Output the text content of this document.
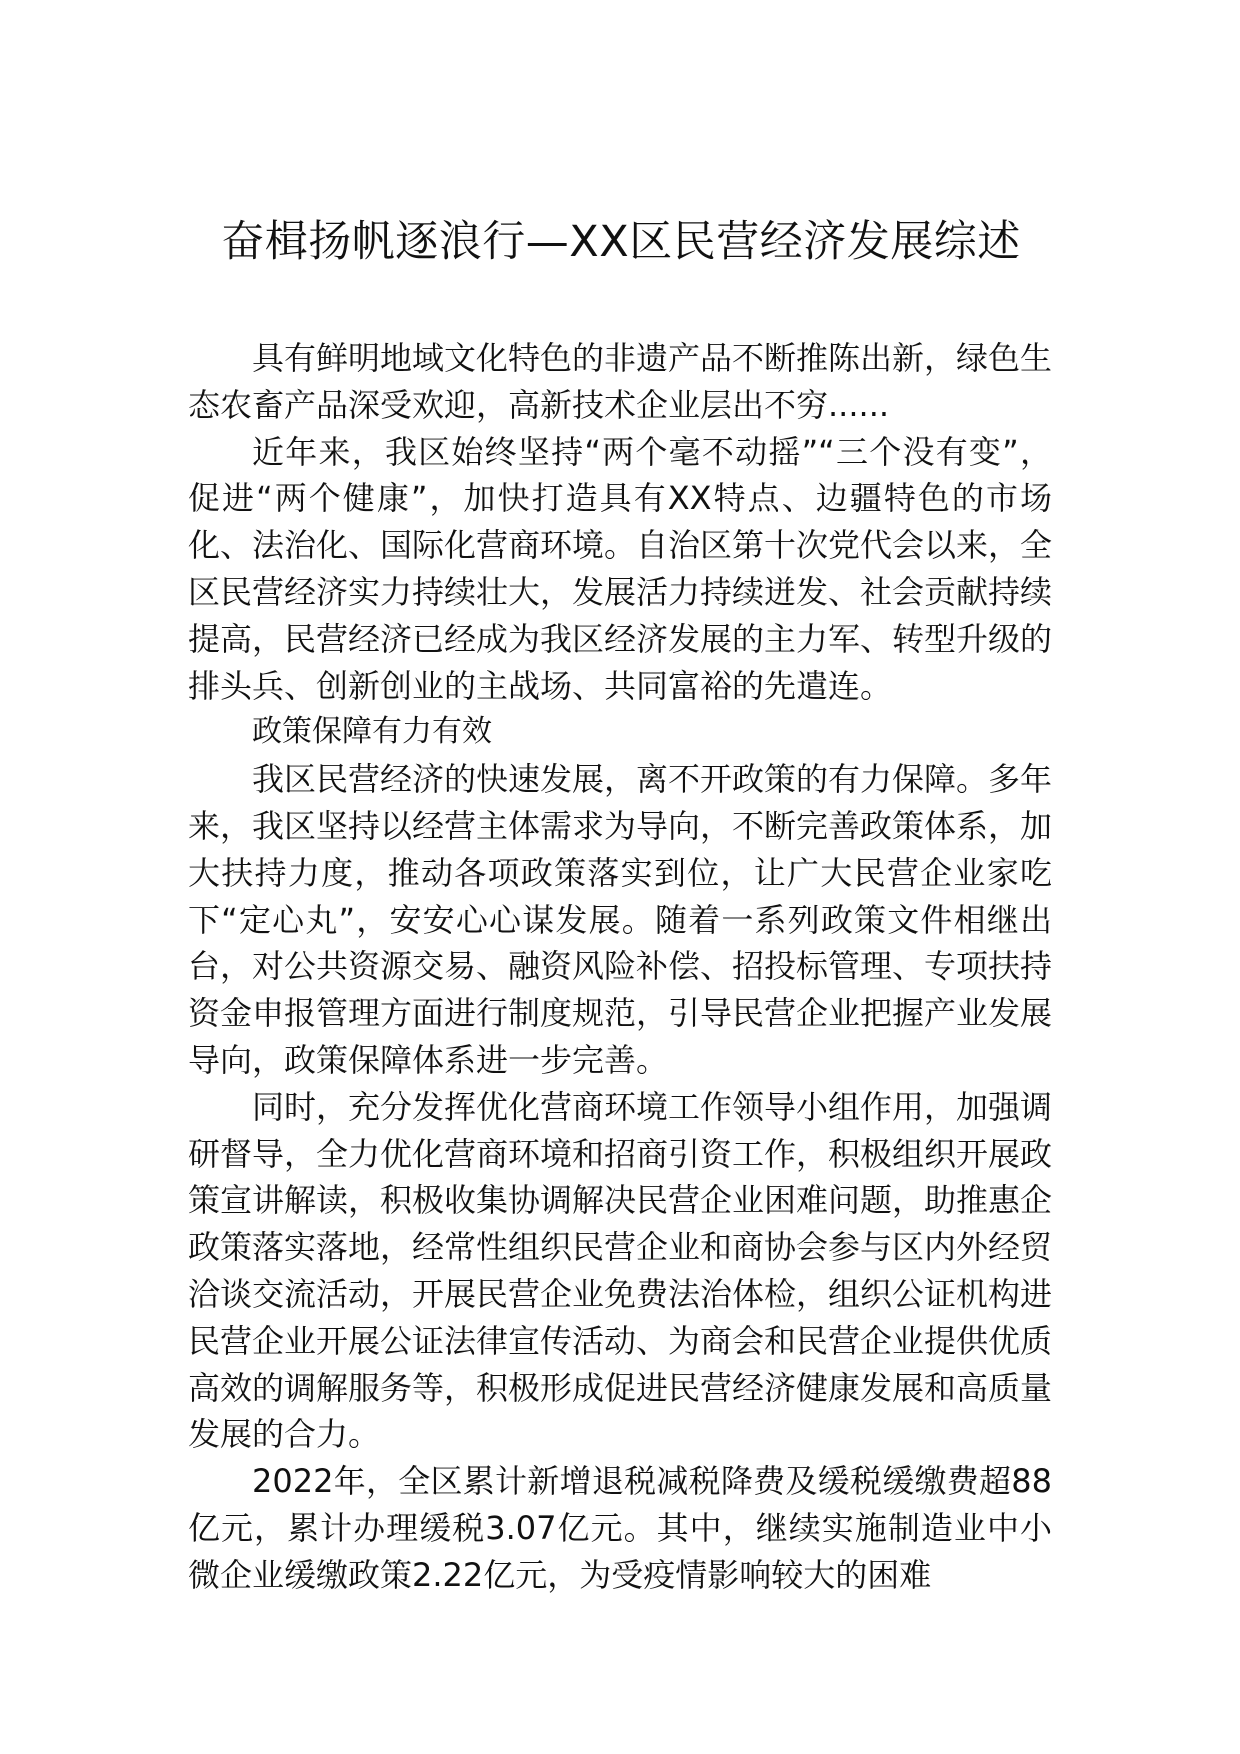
奋楫扬帆逐浪行—XX区民营经济发展综述

具有鲜明地域文化特色的非遗产品不断推陈出新，绿色生态农畜产品深受欢迎，高新技术企业层出不穷......

近年来，我区始终坚持“两个毫不动摇”“三个没有变”，促进“两个健康”，加快打造具有XX特点、边疆特色的市场化、法治化、国际化营商环境。自治区第十次党代会以来，全区民营经济实力持续壮大，发展活力持续迸发、社会贡献持续提高，民营经济已经成为我区经济发展的主力军、转型升级的排头兵、创新创业的主战场、共同富裕的先遣连。

政策保障有力有效

我区民营经济的快速发展，离不开政策的有力保障。多年来，我区坚持以经营主体需求为导向，不断完善政策体系，加大扶持力度，推动各项政策落实到位，让广大民营企业家吃下“定心丸”，安安心心谋发展。随着一系列政策文件相继出台，对公共资源交易、融资风险补偿、招投标管理、专项扶持资金申报管理方面进行制度规范，引导民营企业把握产业发展导向，政策保障体系进一步完善。

同时，充分发挥优化营商环境工作领导小组作用，加强调研督导，全力优化营商环境和招商引资工作，积极组织开展政策宣讲解读，积极收集协调解决民营企业困难问题，助推惠企政策落实落地，经常性组织民营企业和商协会参与区内外经贸洽谈交流活动，开展民营企业免费法治体检，组织公证机构进民营企业开展公证法律宣传活动、为商会和民营企业提供优质高效的调解服务等，积极形成促进民营经济健康发展和高质量发展的合力。

2022年，全区累计新增退税减税降费及缓税缓缴费超88亿元，累计办理缓税3.07亿元。其中，继续实施制造业中小微企业缓缴政策2.22亿元，为受疫情影响较大的困难
